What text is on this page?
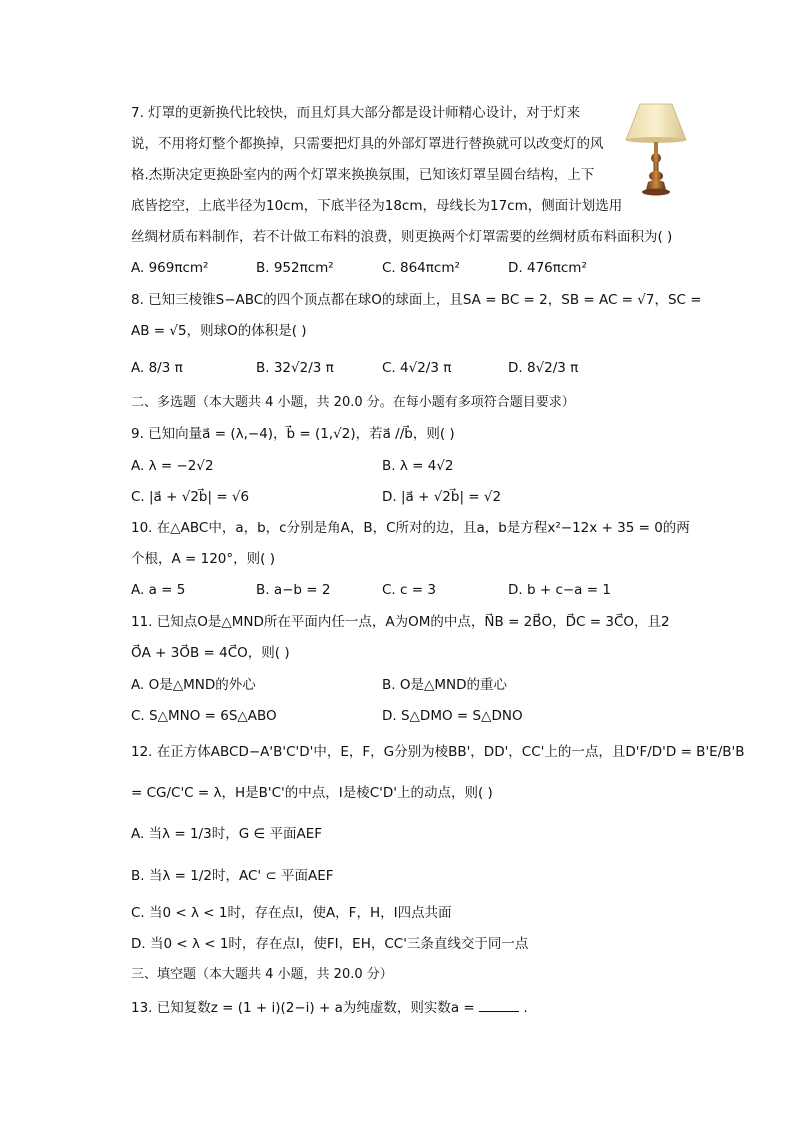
7. 灯罩的更新换代比较快，而且灯具大部分都是设计师精心设计，对于灯来
说，不用将灯整个都换掉，只需要把灯具的外部灯罩进行替换就可以改变灯的风
格.杰斯决定更换卧室内的两个灯罩来换换氛围，已知该灯罩呈圆台结构，上下
底皆挖空，上底半径为10cm，下底半径为18cm，母线长为17cm，侧面计划选用
丝绸材质布料制作，若不计做工布料的浪费，则更换两个灯罩需要的丝绸材质布料面积为( )
A. 969πcm²	B. 952πcm²	C. 864πcm²	D. 476πcm²
8. 已知三棱锥S−ABC的四个顶点都在球O的球面上，且SA = BC = 2，SB = AC = √7，SC =
AB = √5，则球O的体积是( )
A. 8/3 π	B. 32√2/3 π	C. 4√2/3 π	D. 8√2/3 π
二、多选题（本大题共 4 小题，共 20.0 分。在每小题有多项符合题目要求）
9. 已知向量a⃗ = (λ,−4)，b⃗ = (1,√2)，若a⃗ //b⃗，则( )
A. λ = −2√2	B. λ = 4√2
C. |a⃗ + √2b⃗| = √6	D. |a⃗ + √2b⃗| = √2
10. 在△ABC中，a，b，c分别是角A，B，C所对的边，且a，b是方程x²−12x + 35 = 0的两
个根，A = 120°，则( )
A. a = 5	B. a−b = 2	C. c = 3	D. b + c−a = 1
11. 已知点O是△MND所在平面内任一点，A为OM的中点，N⃗B = 2B⃗O，D⃗C = 3C⃗O，且2
O⃗A + 3O⃗B = 4C⃗O，则( )
A. O是△MND的外心	B. O是△MND的重心
C. S△MNO = 6S△ABO	D. S△DMO = S△DNO
12. 在正方体ABCD−A'B'C'D'中，E，F，G分别为棱BB'，DD'，CC'上的一点，且D'F/D'D = B'E/B'B
= CG/C'C = λ，H是B'C'的中点，I是棱C'D'上的动点，则( )
A. 当λ = 1/3时，G ∈ 平面AEF
B. 当λ = 1/2时，AC' ⊂ 平面AEF
C. 当0 < λ < 1时，存在点I，使A，F，H，I四点共面
D. 当0 < λ < 1时，存在点I，使FI，EH，CC'三条直线交于同一点
三、填空题（本大题共 4 小题，共 20.0 分）
13. 已知复数z = (1 + i)(2−i) + a为纯虚数，则实数a =	.
